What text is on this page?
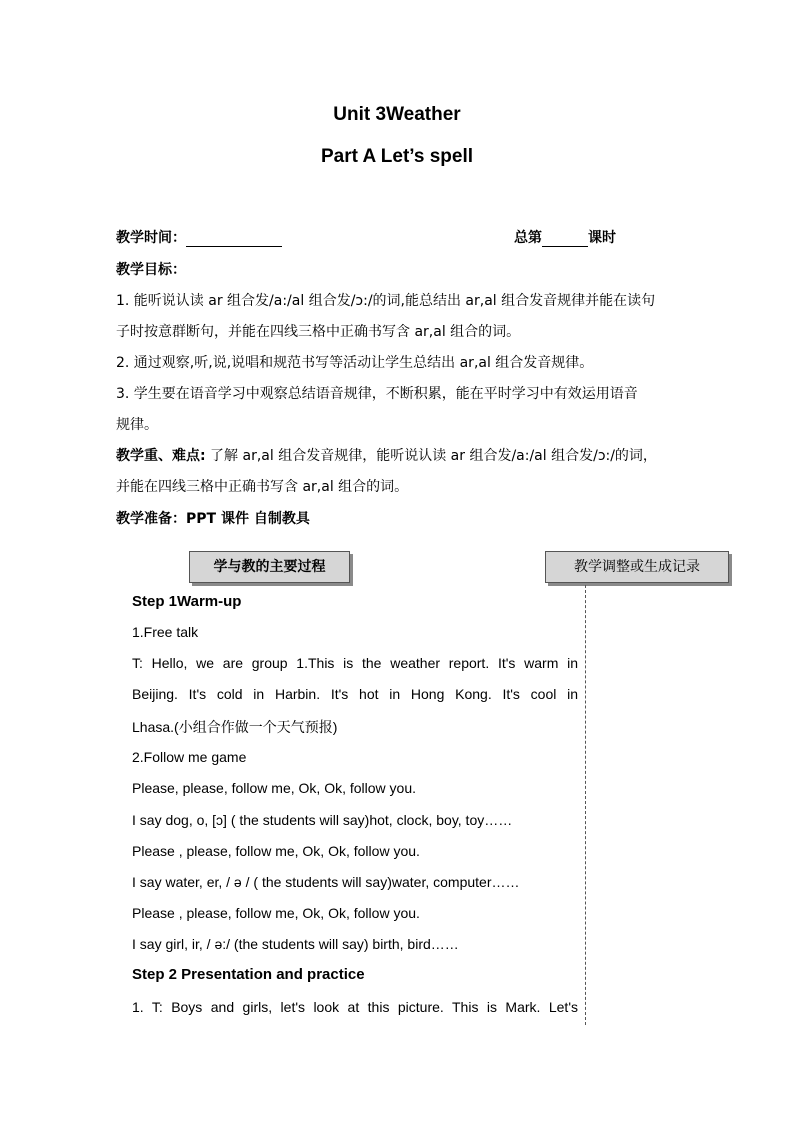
Unit 3Weather
Part A Let’s spell
教学时间：	总第	课时
教学目标：
1. 能听说认读 ar 组合发/a:/al 组合发/ɔ:/的词,能总结出 ar,al 组合发音规律并能在读句
子时按意群断句，并能在四线三格中正确书写含 ar,al 组合的词。
2. 通过观察,听,说,说唱和规范书写等活动让学生总结出 ar,al 组合发音规律。
3. 学生要在语音学习中观察总结语音规律，不断积累，能在平时学习中有效运用语音
规律。
教学重、难点: 了解 ar,al 组合发音规律，能听说认读 ar 组合发/a:/al 组合发/ɔ:/的词，
并能在四线三格中正确书写含 ar,al 组合的词。
教学准备：PPT 课件 自制教具
学与教的主要过程	教学调整或生成记录
Step 1Warm-up
1.Free talk
T: Hello, we are group 1.This is the weather report. It's warm in
Beijing. It's cold in Harbin. It's hot in Hong Kong. It's cool in
Lhasa.(小组合作做一个天气预报)
2.Follow me game
Please, please, follow me, Ok, Ok, follow you.
I say dog, o, [ɔ] ( the students will say)hot, clock, boy, toy……
Please , please, follow me, Ok, Ok, follow you.
I say water, er, / ə / ( the students will say)water, computer……
Please , please, follow me, Ok, Ok, follow you.
I say girl, ir, / ə:/ (the students will say) birth, bird……
Step 2 Presentation and practice
1. T: Boys and girls, let's look at this picture. This is Mark. Let's
